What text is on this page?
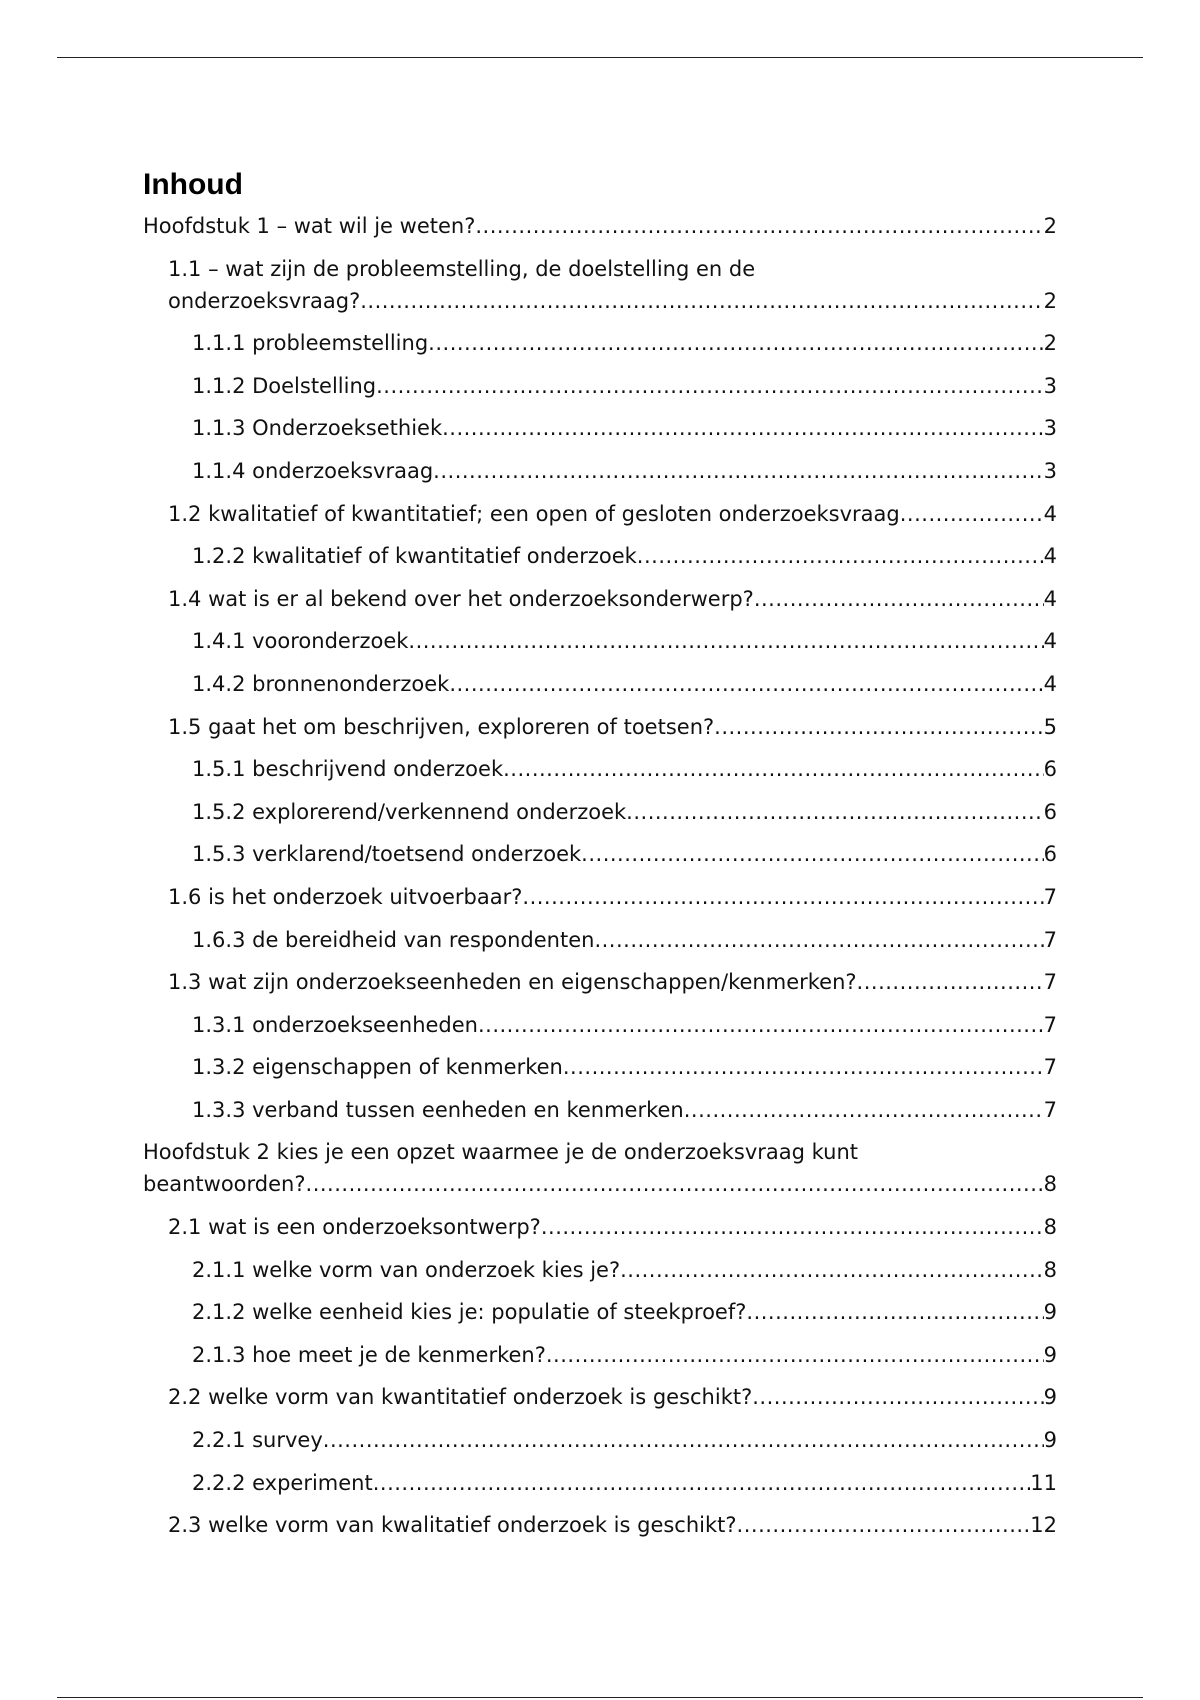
Inhoud
Hoofdstuk 1 – wat wil je weten? .....	2
1.1 – wat zijn de probleemstelling, de doelstelling en de
onderzoeksvraag? .....	2
1.1.1 probleemstelling .....	2
1.1.2 Doelstelling .....	3
1.1.3 Onderzoeksethiek .....	3
1.1.4 onderzoeksvraag .....	3
1.2 kwalitatief of kwantitatief; een open of gesloten onderzoeksvraag .....	4
1.2.2 kwalitatief of kwantitatief onderzoek .....	4
1.4 wat is er al bekend over het onderzoeksonderwerp? .....	4
1.4.1 vooronderzoek .....	4
1.4.2 bronnenonderzoek .....	4
1.5 gaat het om beschrijven, exploreren of toetsen? .....	5
1.5.1 beschrijvend onderzoek .....	6
1.5.2 explorerend/verkennend onderzoek .....	6
1.5.3 verklarend/toetsend onderzoek .....	6
1.6 is het onderzoek uitvoerbaar? .....	7
1.6.3 de bereidheid van respondenten .....	7
1.3 wat zijn onderzoekseenheden en eigenschappen/kenmerken? .....	7
1.3.1 onderzoekseenheden .....	7
1.3.2 eigenschappen of kenmerken .....	7
1.3.3 verband tussen eenheden en kenmerken .....	7
Hoofdstuk 2 kies je een opzet waarmee je de onderzoeksvraag kunt
beantwoorden? .....	8
2.1 wat is een onderzoeksontwerp? .....	8
2.1.1 welke vorm van onderzoek kies je? .....	8
2.1.2 welke eenheid kies je: populatie of steekproef? .....	9
2.1.3 hoe meet je de kenmerken? .....	9
2.2 welke vorm van kwantitatief onderzoek is geschikt? .....	9
2.2.1 survey .....	9
2.2.2 experiment .....	11
2.3 welke vorm van kwalitatief onderzoek is geschikt? .....	12
